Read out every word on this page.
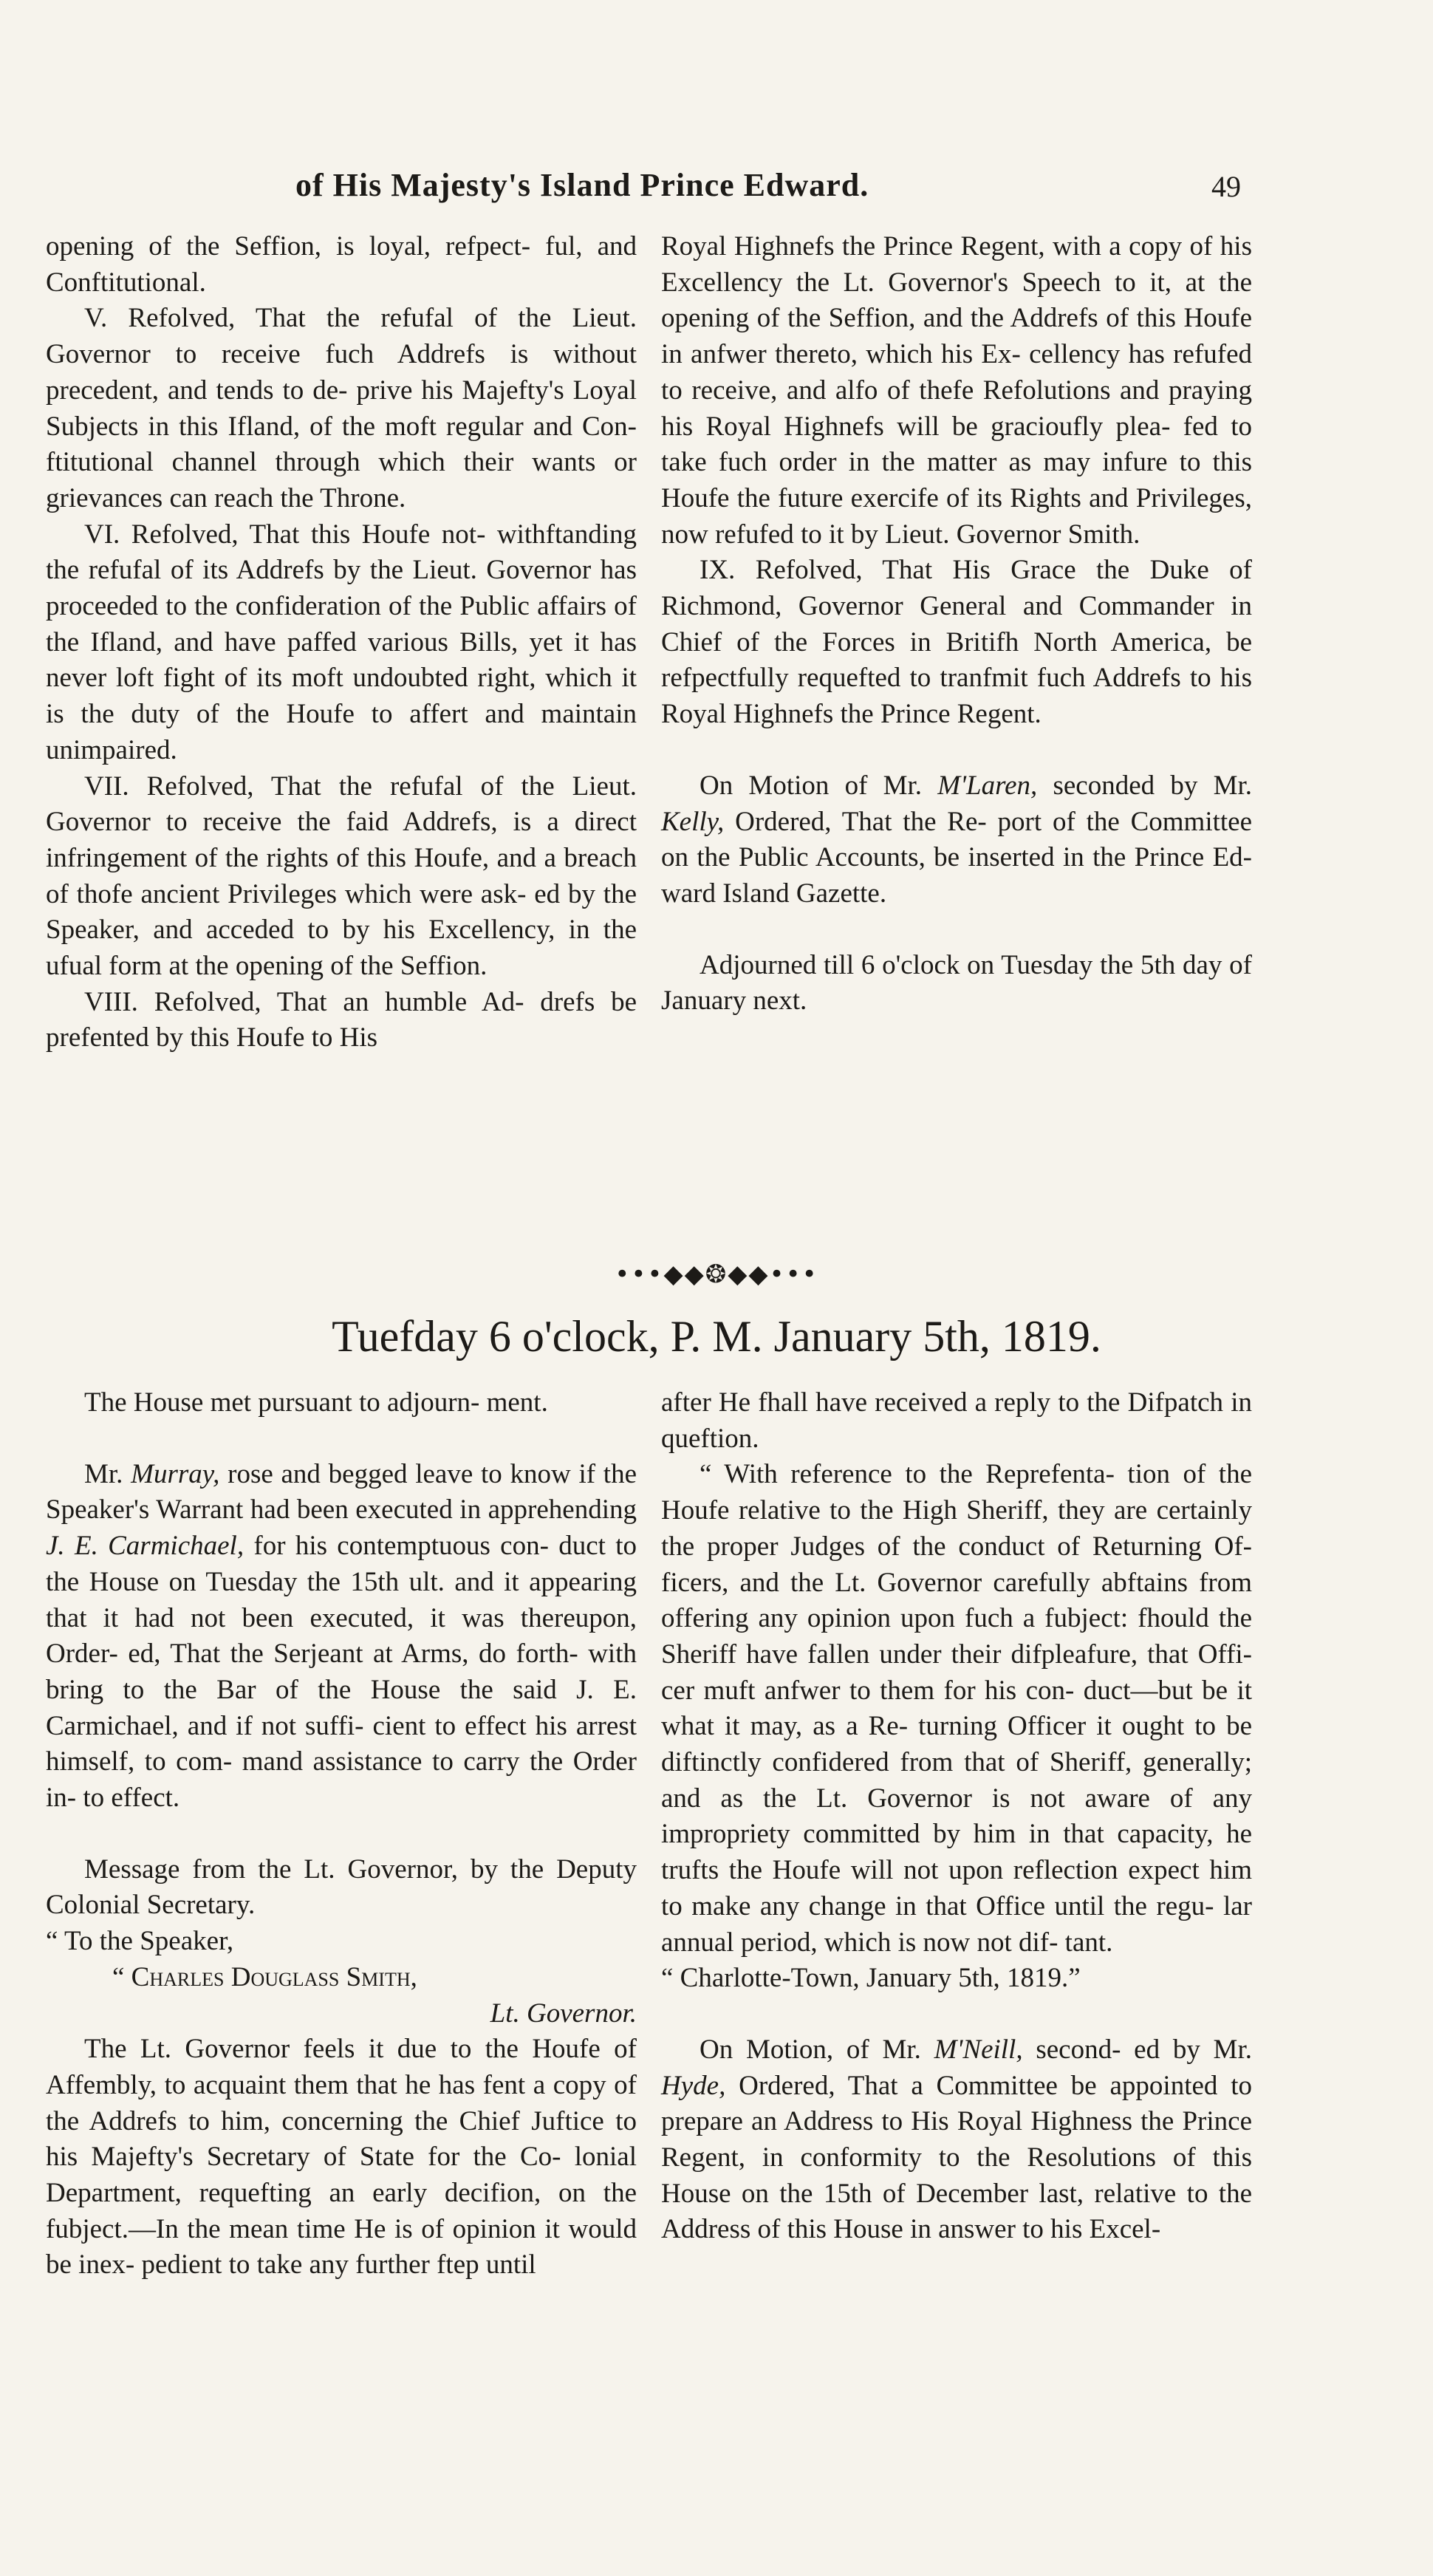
of His Majesty's Island Prince Edward.	49

opening of the Seffion, is loyal, refpect- ful, and Conftitutional.

V. Refolved, That the refufal of the Lieut. Governor to receive fuch Addrefs is without precedent, and tends to de- prive his Majefty's Loyal Subjects in this Ifland, of the moft regular and Con- ftitutional channel through which their wants or grievances can reach the Throne.

VI. Refolved, That this Houfe not- withftanding the refufal of its Addrefs by the Lieut. Governor has proceeded to the confideration of the Public affairs of the Ifland, and have paffed various Bills, yet it has never loft fight of its moft undoubted right, which it is the duty of the Houfe to affert and maintain unimpaired.

VII. Refolved, That the refufal of the Lieut. Governor to receive the faid Addrefs, is a direct infringement of the rights of this Houfe, and a breach of thofe ancient Privileges which were ask- ed by the Speaker, and acceded to by his Excellency, in the ufual form at the opening of the Seffion.

VIII. Refolved, That an humble Ad- drefs be prefented by this Houfe to His

Royal Highnefs the Prince Regent, with a copy of his Excellency the Lt. Governor's Speech to it, at the opening of the Seffion, and the Addrefs of this Houfe in anfwer thereto, which his Ex- cellency has refufed to receive, and alfo of thefe Refolutions and praying his Royal Highnefs will be gracioufly plea- fed to take fuch order in the matter as may infure to this Houfe the future exercife of its Rights and Privileges, now refufed to it by Lieut. Governor Smith.

IX. Refolved, That His Grace the Duke of Richmond, Governor General and Commander in Chief of the Forces in Britifh North America, be refpectfully requefted to tranfmit fuch Addrefs to his Royal Highnefs the Prince Regent.

On Motion of Mr. M'Laren, seconded by Mr. Kelly, Ordered, That the Re- port of the Committee on the Public Accounts, be inserted in the Prince Ed- ward Island Gazette.

Adjourned till 6 o'clock on Tuesday the 5th day of January next.

•••◆◆❂◆◆•••
Tuefday 6 o'clock, P. M. January 5th, 1819.

The House met pursuant to adjourn- ment.

Mr. Murray, rose and begged leave to know if the Speaker's Warrant had been executed in apprehending J. E. Carmichael, for his contemptuous con- duct to the House on Tuesday the 15th ult. and it appearing that it had not been executed, it was thereupon, Order- ed, That the Serjeant at Arms, do forth- with bring to the Bar of the House the said J. E. Carmichael, and if not suffi- cient to effect his arrest himself, to com- mand assistance to carry the Order in- to effect.

Message from the Lt. Governor, by the Deputy Colonial Secretary.

“ To the Speaker,

“ Charles Douglass Smith,

Lt. Governor.

The Lt. Governor feels it due to the Houfe of Affembly, to acquaint them that he has fent a copy of the Addrefs to him, concerning the Chief Juftice to his Majefty's Secretary of State for the Co- lonial Department, requefting an early decifion, on the fubject.—In the mean time He is of opinion it would be inex- pedient to take any further ftep until

after He fhall have received a reply to the Difpatch in queftion.

“ With reference to the Reprefenta- tion of the Houfe relative to the High Sheriff, they are certainly the proper Judges of the conduct of Returning Of- ficers, and the Lt. Governor carefully abftains from offering any opinion upon fuch a fubject: fhould the Sheriff have fallen under their difpleafure, that Offi- cer muft anfwer to them for his con- duct—but be it what it may, as a Re- turning Officer it ought to be diftinctly confidered from that of Sheriff, generally; and as the Lt. Governor is not aware of any impropriety committed by him in that capacity, he trufts the Houfe will not upon reflection expect him to make any change in that Office until the regu- lar annual period, which is now not dif- tant.

“ Charlotte-Town, January 5th, 1819.”

On Motion, of Mr. M'Neill, second- ed by Mr. Hyde, Ordered, That a Committee be appointed to prepare an Address to His Royal Highness the Prince Regent, in conformity to the Resolutions of this House on the 15th of December last, relative to the Address of this House in answer to his Excel-
